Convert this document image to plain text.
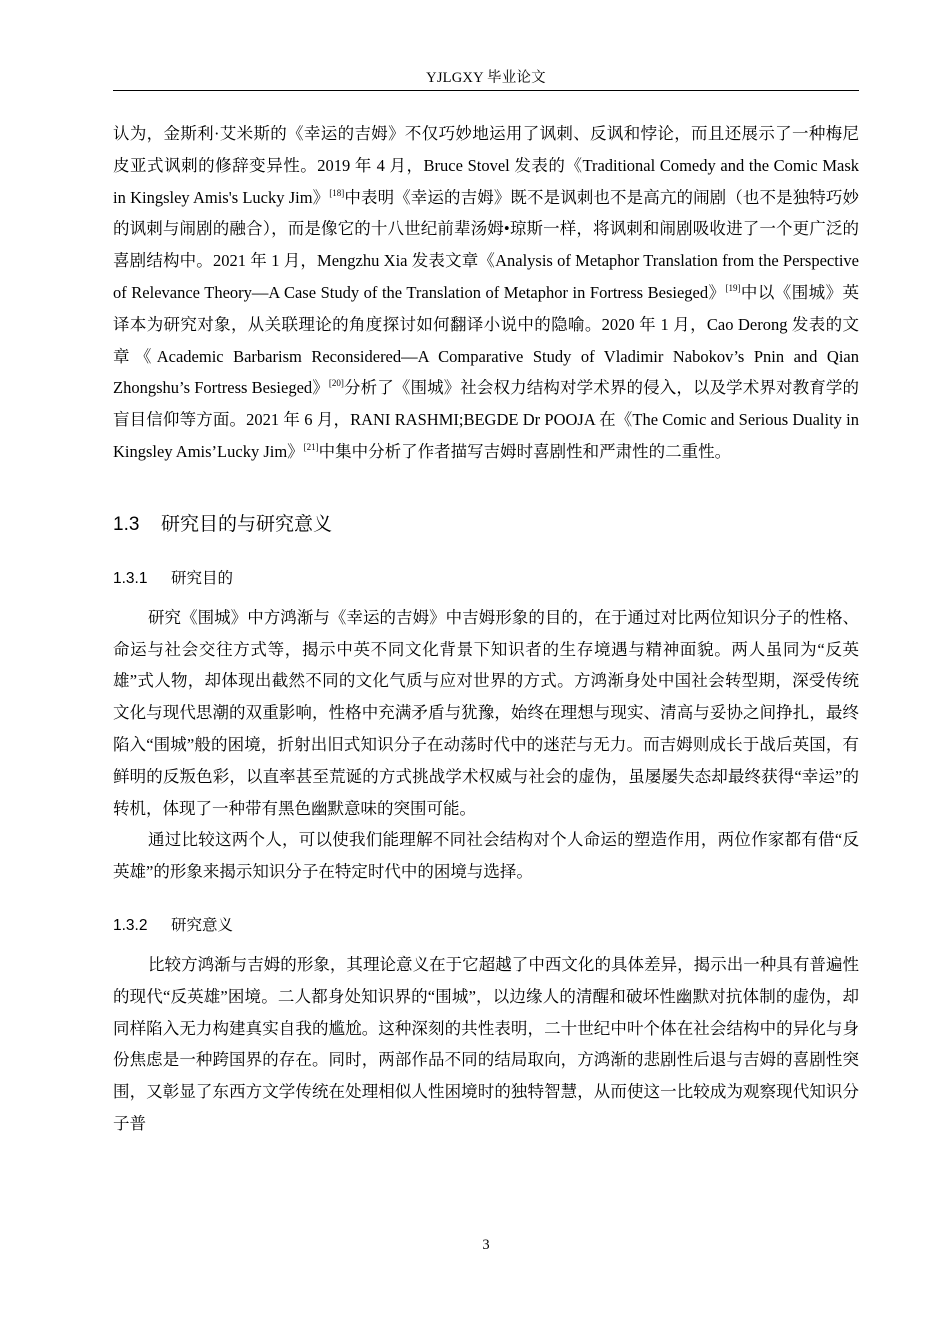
YJLGXY 毕业论文

认为，金斯利·艾米斯的《幸运的吉姆》不仅巧妙地运用了讽刺、反讽和悖论，而且还展示了一种梅尼皮亚式讽刺的修辞变异性。2019 年 4 月，Bruce Stovel 发表的《Traditional Comedy and the Comic Mask in Kingsley Amis's Lucky Jim》[18]中表明《幸运的吉姆》既不是讽刺也不是高亢的闹剧（也不是独特巧妙的讽刺与闹剧的融合），而是像它的十八世纪前辈汤姆•琼斯一样，将讽刺和闹剧吸收进了一个更广泛的喜剧结构中。2021 年 1 月，Mengzhu Xia 发表文章《Analysis of Metaphor Translation from the Perspective of Relevance Theory—A Case Study of the Translation of Metaphor in Fortress Besieged》[19]中以《围城》英译本为研究对象，从关联理论的角度探讨如何翻译小说中的隐喻。2020 年 1 月，Cao Derong 发表的文章《Academic Barbarism Reconsidered—A Comparative Study of Vladimir Nabokov’s Pnin and Qian Zhongshu’s Fortress Besieged》[20]分析了《围城》社会权力结构对学术界的侵入，以及学术界对教育学的盲目信仰等方面。2021 年 6 月，RANI RASHMI;BEGDE Dr POOJA 在《The Comic and Serious Duality in Kingsley Amis’Lucky Jim》[21]中集中分析了作者描写吉姆时喜剧性和严肃性的二重性。

1.3 研究目的与研究意义
1.3.1 研究目的

研究《围城》中方鸿渐与《幸运的吉姆》中吉姆形象的目的，在于通过对比两位知识分子的性格、命运与社会交往方式等，揭示中英不同文化背景下知识者的生存境遇与精神面貌。两人虽同为“反英雄”式人物，却体现出截然不同的文化气质与应对世界的方式。方鸿渐身处中国社会转型期，深受传统文化与现代思潮的双重影响，性格中充满矛盾与犹豫，始终在理想与现实、清高与妥协之间挣扎，最终陷入“围城”般的困境，折射出旧式知识分子在动荡时代中的迷茫与无力。而吉姆则成长于战后英国，有鲜明的反叛色彩，以直率甚至荒诞的方式挑战学术权威与社会的虚伪，虽屡屡失态却最终获得“幸运”的转机，体现了一种带有黑色幽默意味的突围可能。

通过比较这两个人，可以使我们能理解不同社会结构对个人命运的塑造作用，两位作家都有借“反英雄”的形象来揭示知识分子在特定时代中的困境与选择。

1.3.2 研究意义

比较方鸿渐与吉姆的形象，其理论意义在于它超越了中西文化的具体差异，揭示出一种具有普遍性的现代“反英雄”困境。二人都身处知识界的“围城”，以边缘人的清醒和破坏性幽默对抗体制的虚伪，却同样陷入无力构建真实自我的尴尬。这种深刻的共性表明，二十世纪中叶个体在社会结构中的异化与身份焦虑是一种跨国界的存在。同时，两部作品不同的结局取向，方鸿渐的悲剧性后退与吉姆的喜剧性突围，又彰显了东西方文学传统在处理相似人性困境时的独特智慧，从而使这一比较成为观察现代知识分子普

3
